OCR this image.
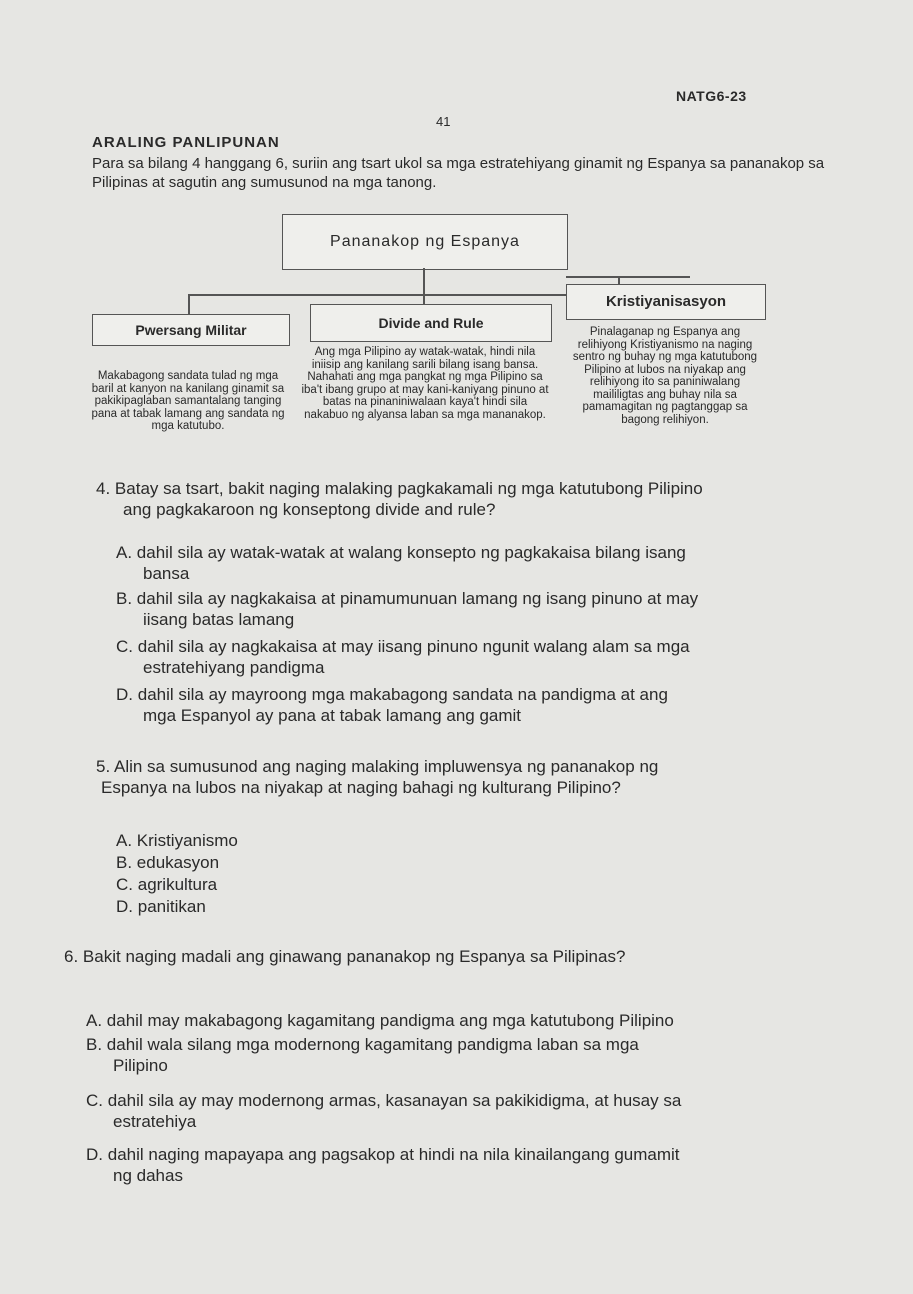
NATG6-23
41
ARALING PANLIPUNAN
Para sa bilang 4 hanggang 6, suriin ang tsart ukol sa mga estratehiyang ginamit ng Espanya sa pananakop sa Pilipinas at sagutin ang sumusunod na mga tanong.
Pananakop ng Espanya
Pwersang Militar	Divide and Rule
Kristiyanisasyon
Makabagong sandata tulad ng mga baril at kanyon na kanilang ginamit sa pakikipaglaban samantalang tanging pana at tabak lamang ang sandata ng mga katutubo.
Ang mga Pilipino ay watak-watak, hindi nila iniisip ang kanilang sarili bilang isang bansa. Nahahati ang mga pangkat ng mga Pilipino sa iba't ibang grupo at may kani-kaniyang pinuno at batas na pinaniniwalaan kaya't hindi sila nakabuo ng alyansa laban sa mga mananakop.
Pinalaganap ng Espanya ang relihiyong Kristiyanismo na naging sentro ng buhay ng mga katutubong Pilipino at lubos na niyakap ang relihiyong ito sa paniniwalang maililigtas ang buhay nila sa pamamagitan ng pagtanggap sa bagong relihiyon.
4. Batay sa tsart, bakit naging malaking pagkakamali ng mga katutubong Pilipino
ang pagkakaroon ng konseptong divide and rule?
A. dahil sila ay watak-watak at walang konsepto ng pagkakaisa bilang isang
bansa
B. dahil sila ay nagkakaisa at pinamumunuan lamang ng isang pinuno at may
iisang batas lamang
C. dahil sila ay nagkakaisa at may iisang pinuno ngunit walang alam sa mga
estratehiyang pandigma
D. dahil sila ay mayroong mga makabagong sandata na pandigma at ang
mga Espanyol ay pana at tabak lamang ang gamit
5. Alin sa sumusunod ang naging malaking impluwensya ng pananakop ng
Espanya na lubos na niyakap at naging bahagi ng kulturang Pilipino?
A. Kristiyanismo
B. edukasyon
C. agrikultura
D. panitikan
6. Bakit naging madali ang ginawang pananakop ng Espanya sa Pilipinas?
A. dahil may makabagong kagamitang pandigma ang mga katutubong Pilipino
B. dahil wala silang mga modernong kagamitang pandigma laban sa mga
Pilipino
C. dahil sila ay may modernong armas, kasanayan sa pakikidigma, at husay sa
estratehiya
D. dahil naging mapayapa ang pagsakop at hindi na nila kinailangang gumamit
ng dahas
